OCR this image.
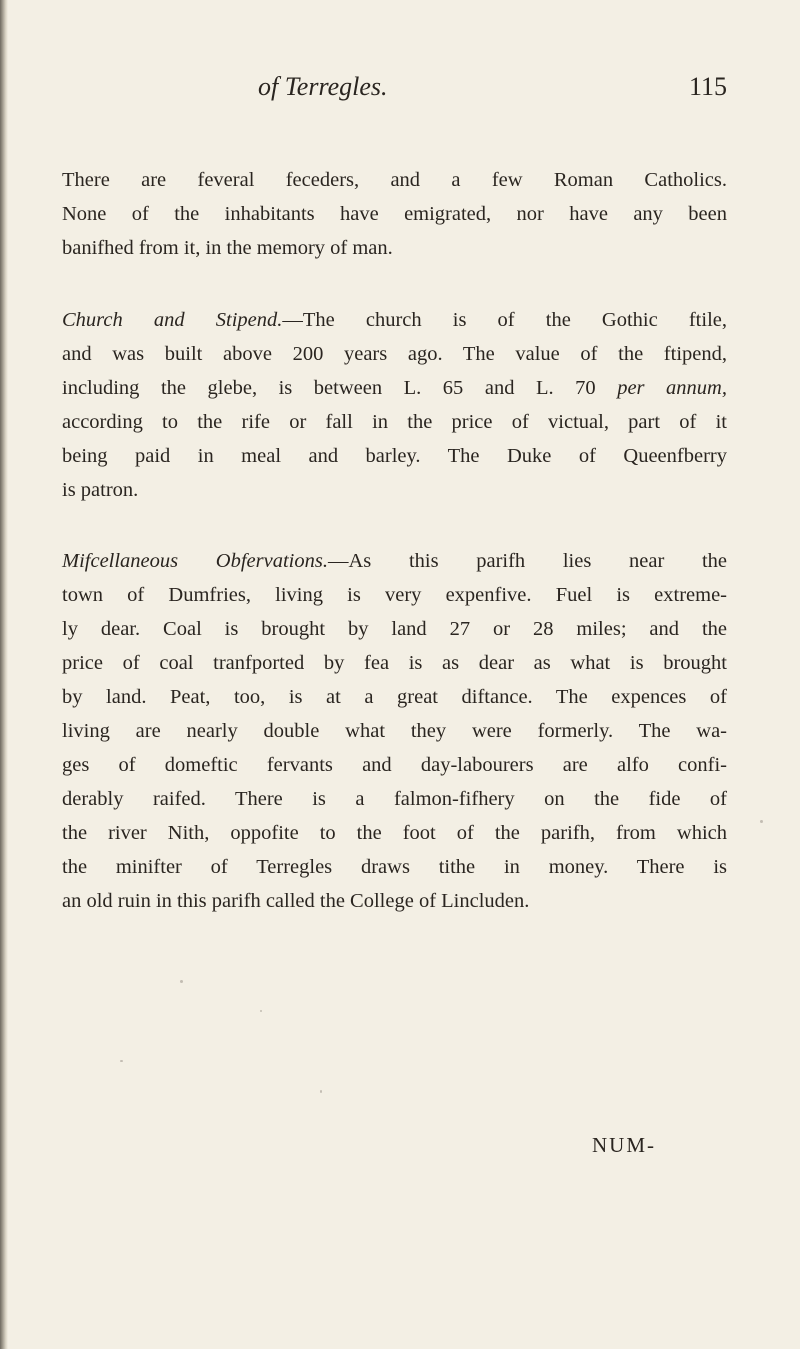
of Terregles.	115
There are feveral feceders, and a few Roman Catholics.
None of the inhabitants have emigrated, nor have any been
banifhed from it, in the memory of man.
Church and Stipend.—The church is of the Gothic ftile,
and was built above 200 years ago. The value of the ftipend,
including the glebe, is between L. 65 and L. 70 per annum,
according to the rife or fall in the price of victual, part of it
being paid in meal and barley. The Duke of Queenfberry
is patron.
Mifcellaneous Obfervations.—As this parifh lies near the
town of Dumfries, living is very expenfive. Fuel is extreme-
ly dear. Coal is brought by land 27 or 28 miles; and the
price of coal tranfported by fea is as dear as what is brought
by land. Peat, too, is at a great diftance. The expences of
living are nearly double what they were formerly. The wa-
ges of domeftic fervants and day-labourers are alfo confi-
derably raifed. There is a falmon-fifhery on the fide of
the river Nith, oppofite to the foot of the parifh, from which
the minifter of Terregles draws tithe in money. There is
an old ruin in this parifh called the College of Lincluden.
NUM-
